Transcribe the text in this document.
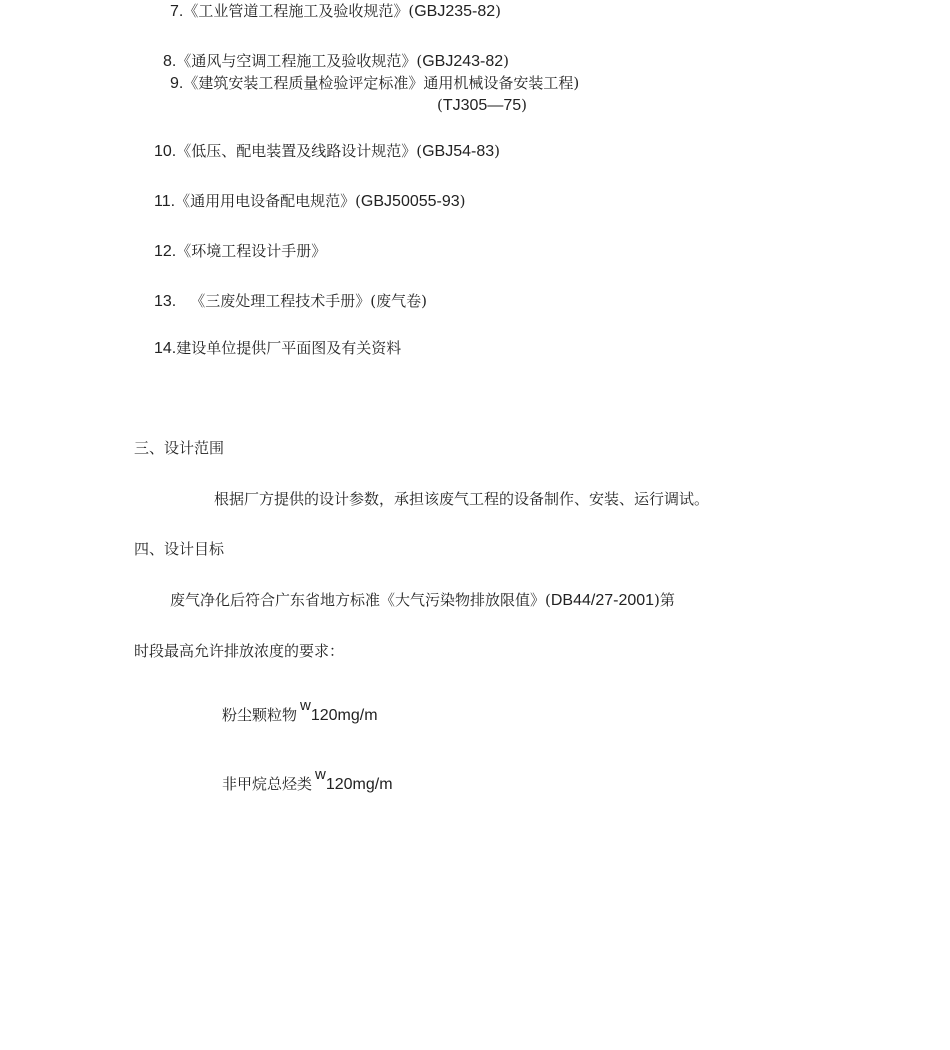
7.《工业管道工程施工及验收规范》(GBJ235-82)
8.《通风与空调工程施工及验收规范》(GBJ243-82)
9.《建筑安装工程质量检验评定标准》通用机械设备安装工程)
(TJ305—75)
10.《低压、配电装置及线路设计规范》(GBJ54-83)
11.《通用用电设备配电规范》(GBJ50055-93)
12.《环境工程设计手册》
13. 《三废处理工程技术手册》(废气卷)
14.建设单位提供厂平面图及有关资料
三、设计范围
根据厂方提供的设计参数，承担该废气工程的设备制作、安装、运行调试。
四、设计目标
废气净化后符合广东省地方标准《大气污染物排放限值》(DB44/27-2001)第
时段最高允许排放浓度的要求：
粉尘颗粒物w120mg/m
非甲烷总烃类w120mg/m
